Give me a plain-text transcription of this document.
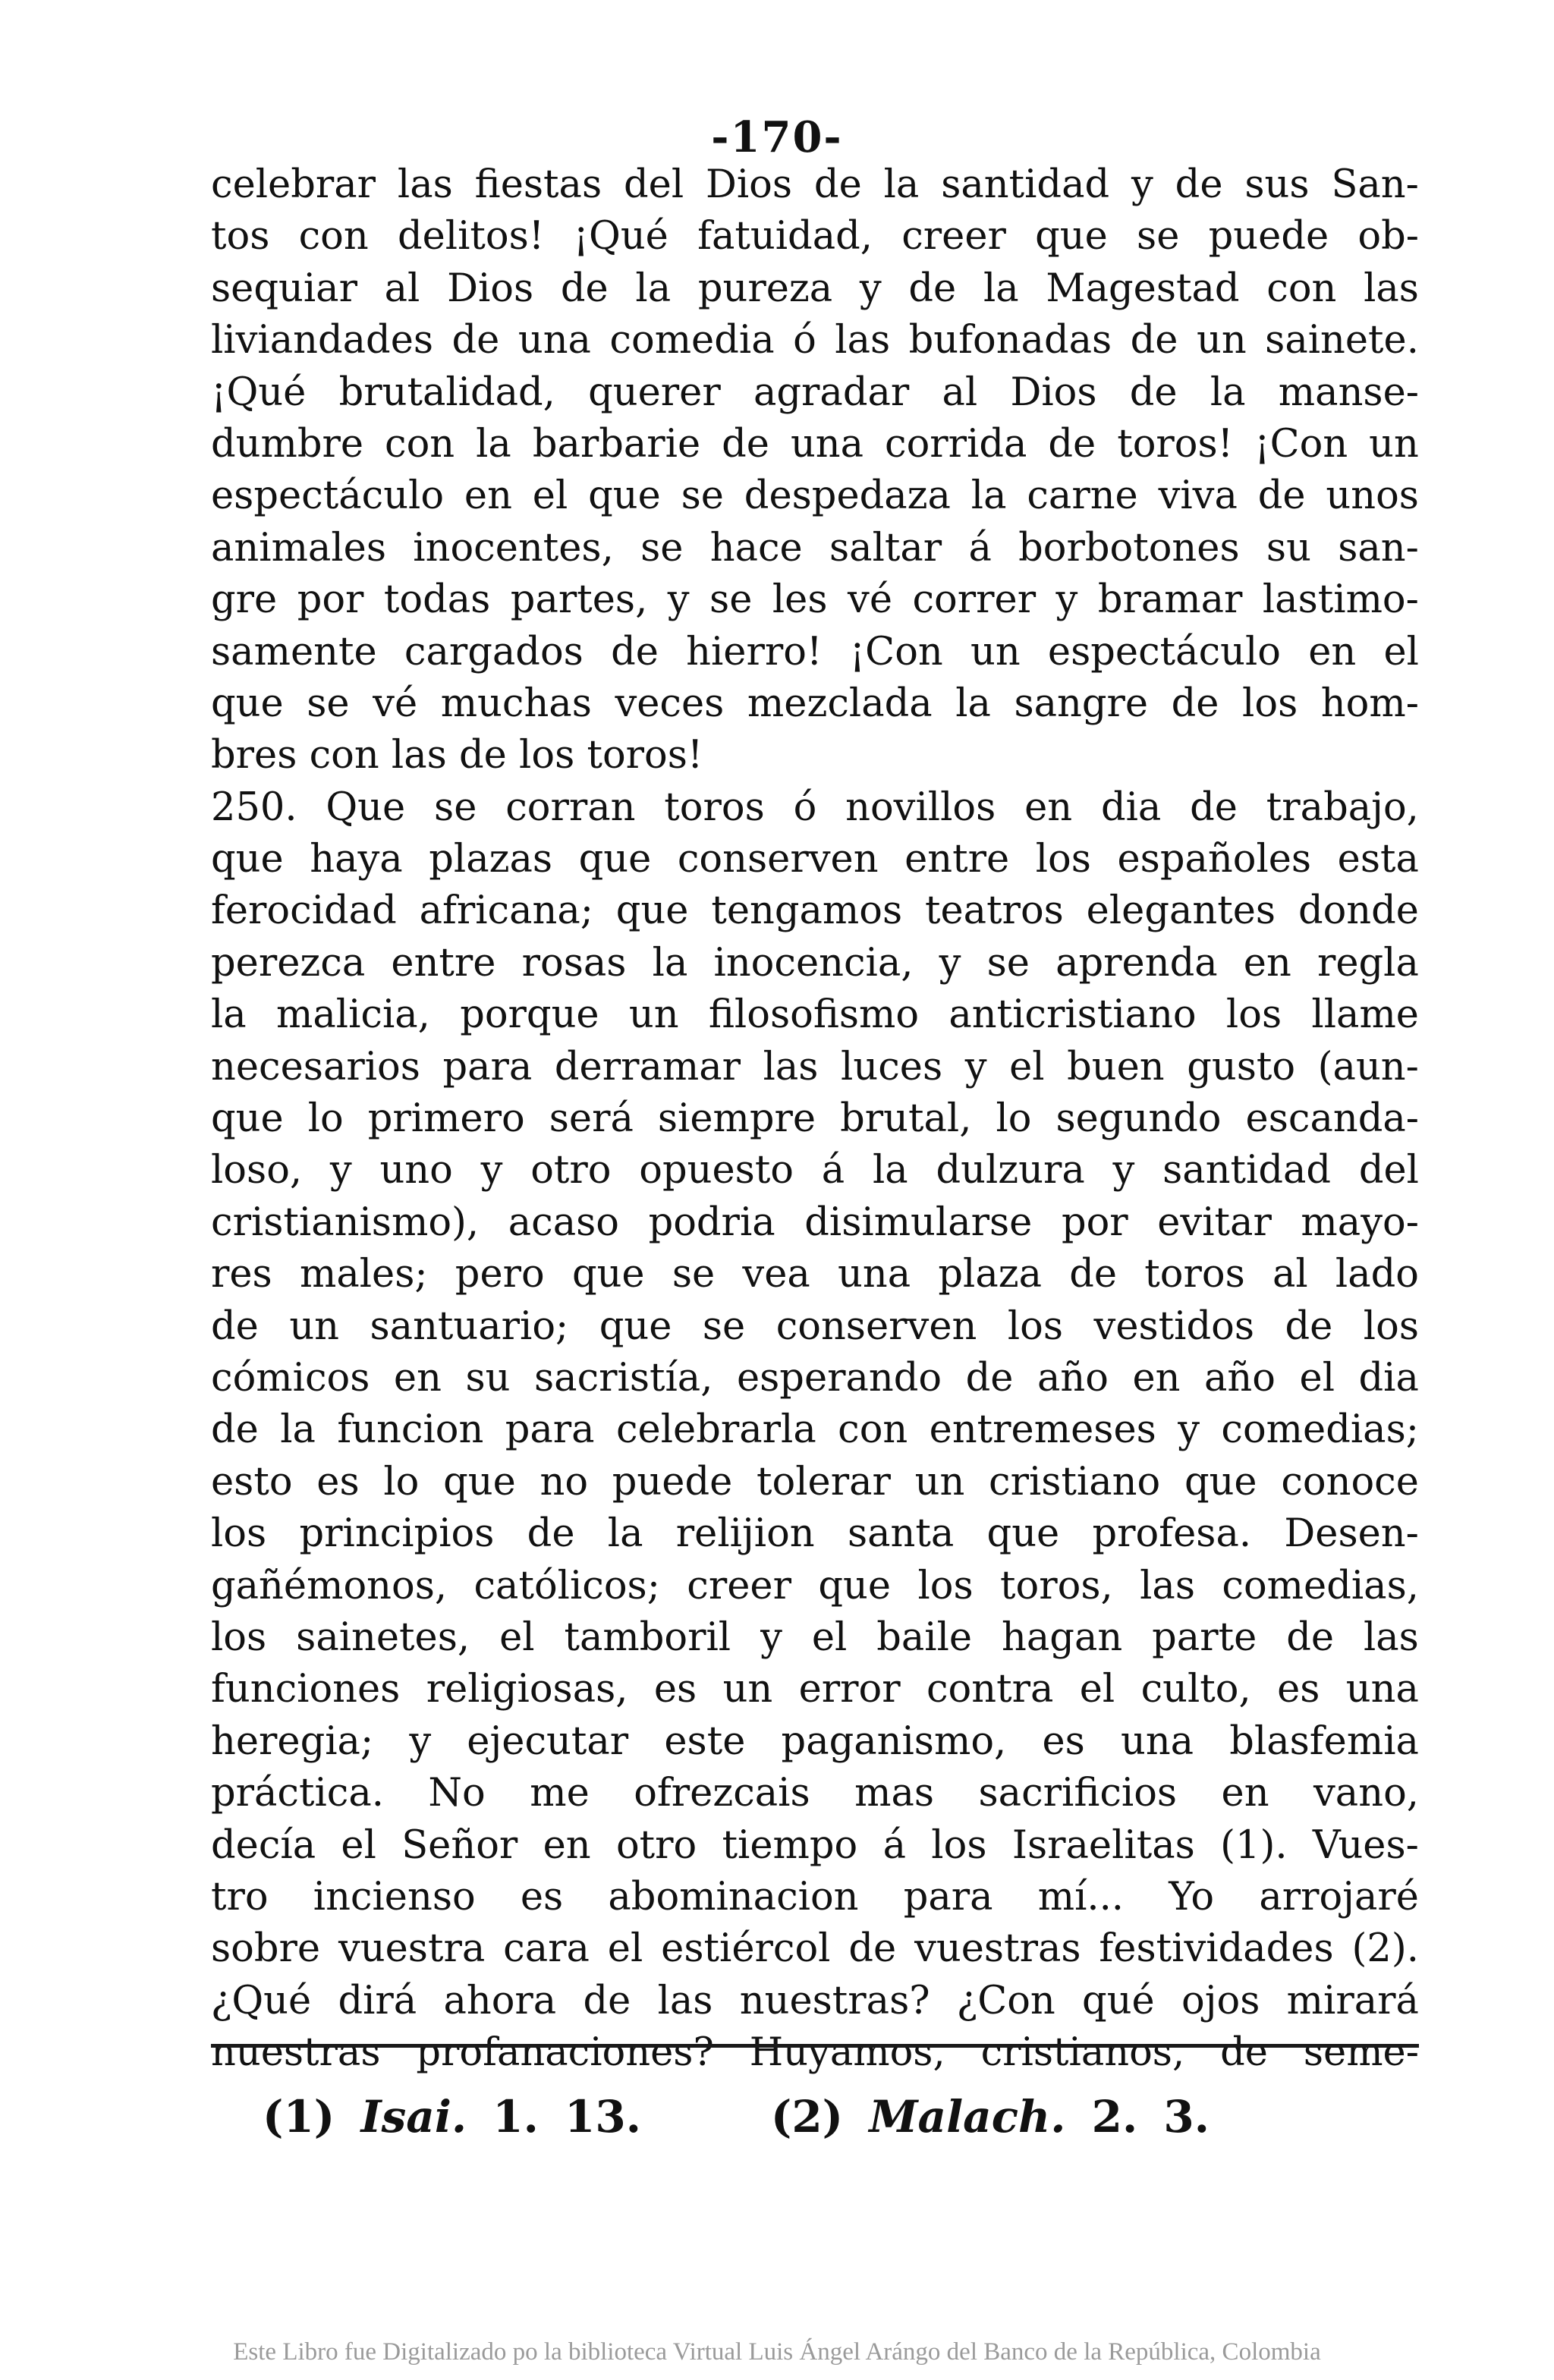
-170-
celebrar las fiestas del Dios de la santidad y de sus San-
tos con delitos! ¡Qué fatuidad, creer que se puede ob-
sequiar al Dios de la pureza y de la Magestad con las
liviandades de una comedia ó las bufonadas de un sainete.
¡Qué brutalidad, querer agradar al Dios de la manse-
dumbre con la barbarie de una corrida de toros! ¡Con un
espectáculo en el que se despedaza la carne viva de unos
animales inocentes, se hace saltar á borbotones su san-
gre por todas partes, y se les vé correr y bramar lastimo-
samente cargados de hierro! ¡Con un espectáculo en el
que se vé muchas veces mezclada la sangre de los hom-
bres con las de los toros!
250. Que se corran toros ó novillos en dia de trabajo,
que haya plazas que conserven entre los españoles esta
ferocidad africana; que tengamos teatros elegantes donde
perezca entre rosas la inocencia, y se aprenda en regla
la malicia, porque un filosofismo anticristiano los llame
necesarios para derramar las luces y el buen gusto (aun-
que lo primero será siempre brutal, lo segundo escanda-
loso, y uno y otro opuesto á la dulzura y santidad del
cristianismo), acaso podria disimularse por evitar mayo-
res males; pero que se vea una plaza de toros al lado
de un santuario; que se conserven los vestidos de los
cómicos en su sacristía, esperando de año en año el dia
de la funcion para celebrarla con entremeses y comedias;
esto es lo que no puede tolerar un cristiano que conoce
los principios de la relijion santa que profesa. Desen-
gañémonos, católicos; creer que los toros, las comedias,
los sainetes, el tamboril y el baile hagan parte de las
funciones religiosas, es un error contra el culto, es una
heregia; y ejecutar este paganismo, es una blasfemia
práctica. No me ofrezcais mas sacrificios en vano,
decía el Señor en otro tiempo á los Israelitas (1). Vues-
tro incienso es abominacion para mí... Yo arrojaré
sobre vuestra cara el estiércol de vuestras festividades (2).
¿Qué dirá ahora de las nuestras? ¿Con qué ojos mirará
nuestras profanaciones? Huyamos, cristianos, de seme-
(1) Isai. 1. 13.	(2) Malach. 2. 3.
Este Libro fue Digitalizado po la biblioteca Virtual Luis Ángel Arángo del Banco de la República, Colombia
